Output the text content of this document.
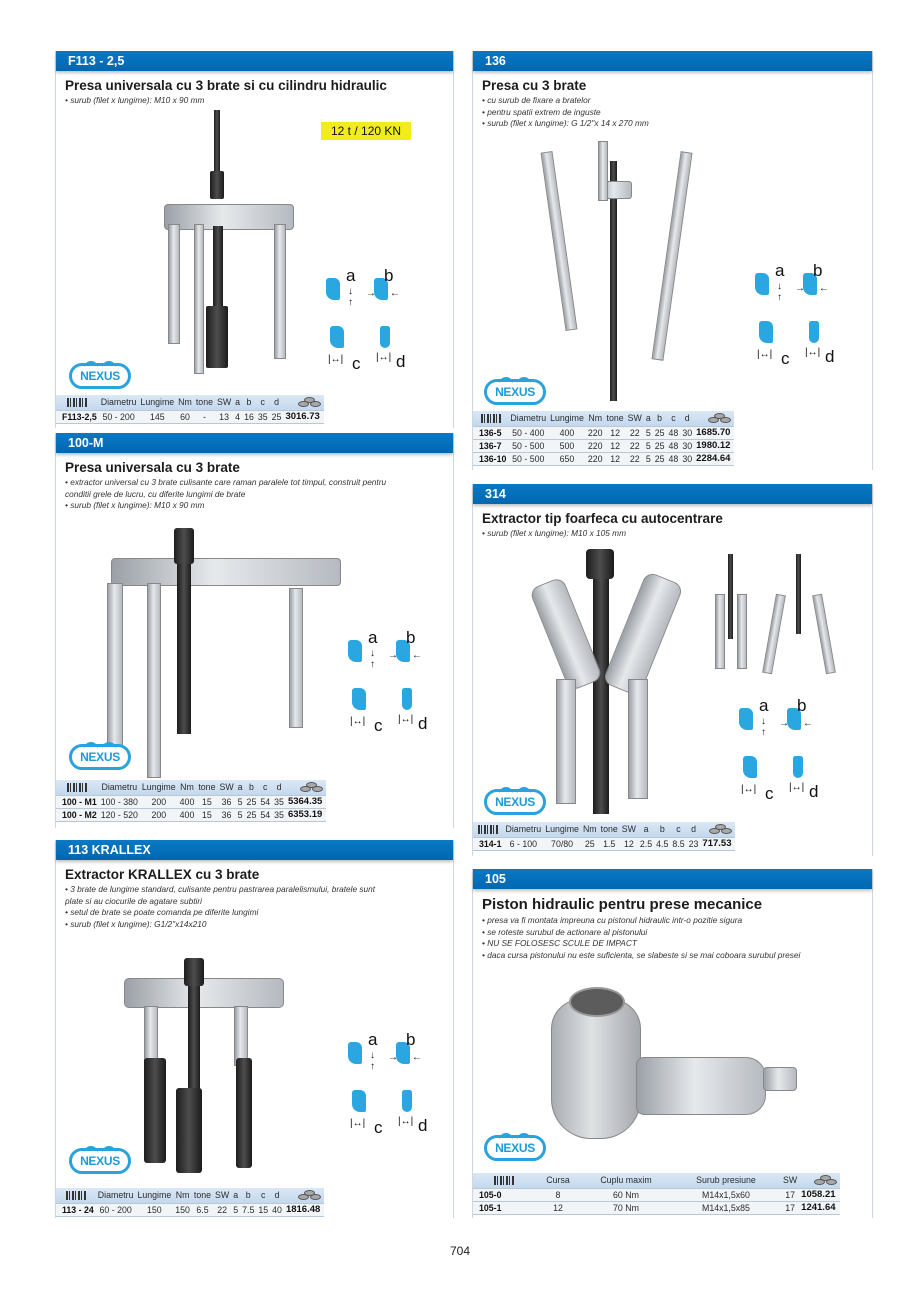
F113 - 2,5
Presa universala cu 3 brate si cu cilindru hidraulic
• surub (filet x lungime): M10 x 90 mm
12 t / 120 KN
a
↓
↑
b
→     ←
|↔| c |↔| d
NEXUS
	Diametru	Lungime	Nm	tone	SW	a	b	c	d	

F113-2,5	50 - 200	145	60	-	13	4	16	35	25	3016.73
100-M
Presa universala cu 3 brate
• extractor universal cu 3 brate culisante care raman paralele tot timpul, construit pentru conditii grele de lucru, cu diferite lungimi de brate
• surub (filet x lungime): M10 x 90 mm
a
↓
↑
b
→     ←
|↔| c |↔| d
NEXUS
	Diametru	Lungime	Nm	tone	SW	a	b	c	d	

100 - M1	100 - 380	200	400	15	36	5	25	54	35	5364.35
100 - M2	120 - 520	200	400	15	36	5	25	54	35	6353.19
113 KRALLEX
Extractor KRALLEX cu 3 brate
• 3 brate de lungime standard, culisante pentru pastrarea paralelismului, bratele sunt plate si au ciocurile de agatare subtiri
• setul de brate se poate comanda pe diferite lungimi
• surub (filet x lungime): G1/2"x14x210
a
↓
↑
b
→     ←
|↔| c |↔| d
NEXUS
	Diametru	Lungime	Nm	tone	SW	a	b	c	d	

113 - 24	60 - 200	150	150	6.5	22	5	7.5	15	40	1816.48
136
Presa cu 3 brate
• cu surub de fixare a bratelor
• pentru spatii extrem de inguste
• surub (filet x lungime): G 1/2"x 14 x 270 mm
a
↓
↑
b
→     ←
|↔| c |↔| d
NEXUS
	Diametru	Lungime	Nm	tone	SW	a	b	c	d	

136-5	50 - 400	400	220	12	22	5	25	48	30	1685.70
136-7	50 - 500	500	220	12	22	5	25	48	30	1980.12
136-10	50 - 500	650	220	12	22	5	25	48	30	2284.64
314
Extractor tip foarfeca cu autocentrare
• surub (filet x lungime): M10 x 105 mm
a
↓
↑
b
→     ←
|↔| c |↔| d
NEXUS
	Diametru	Lungime	Nm	tone	SW	a	b	c	d	

314-1	6 - 100	70/80	25	1.5	12	2.5	4.5	8.5	23	717.53
105
Piston hidraulic pentru prese mecanice
• presa va fi montata impreuna cu pistonul hidraulic intr-o pozitie sigura
• se roteste surubul de actionare al pistonului
• NU SE FOLOSESC SCULE DE IMPACT
• daca cursa pistonului nu este suficienta, se slabeste si se mai coboara surubul presei
NEXUS
	Cursa	Cuplu maxim	Surub presiune	SW	

105-0	8	60 Nm	M14x1,5x60	17	1058.21
105-1	12	70 Nm	M14x1,5x85	17	1241.64
704
